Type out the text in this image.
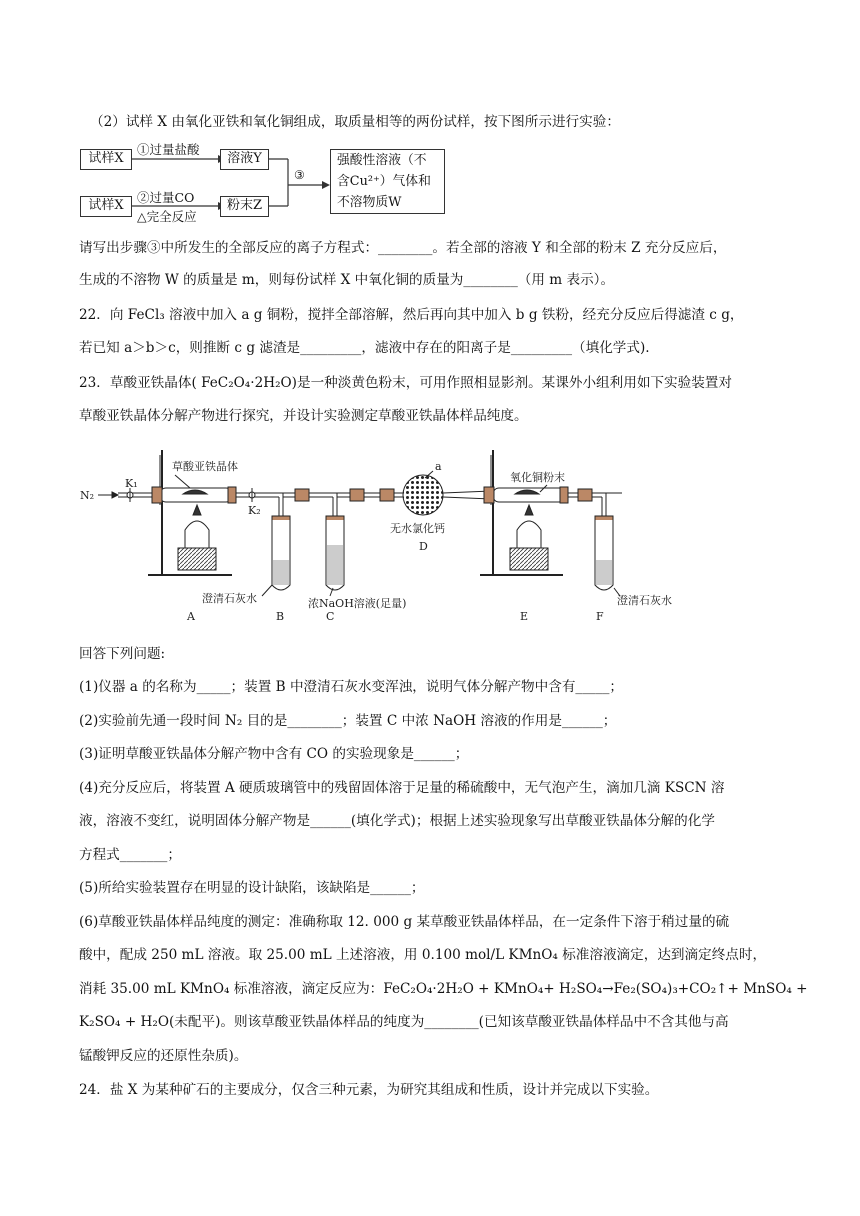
（2）试样 X 由氧化亚铁和氧化铜组成，取质量相等的两份试样，按下图所示进行实验：
试样X
①过量盐酸
溶液Y
试样X
②过量CO
△完全反应
粉末Z
③
强酸性溶液（不
含Cu²⁺）气体和
不溶物质W
请写出步骤③中所发生的全部反应的离子方程式：________。若全部的溶液 Y 和全部的粉末 Z 充分反应后，
生成的不溶物 W 的质量是 m，则每份试样 X 中氧化铜的质量为________（用 m 表示）。
22．向 FeCl₃ 溶液中加入 a g 铜粉，搅拌全部溶解，然后再向其中加入 b g 铁粉，经充分反应后得滤渣 c g，
若已知 a＞b＞c，则推断 c g 滤渣是_________，滤液中存在的阳离子是_________（填化学式).
23．草酸亚铁晶体( FeC₂O₄·2H₂O)是一种淡黄色粉末，可用作照相显影剂。某课外小组利用如下实验装置对
草酸亚铁晶体分解产物进行探究，并设计实验测定草酸亚铁晶体样品纯度。
N₂
K₁
K₂
草酸亚铁晶体	a
氧化铜粉末
无水氯化钙
澄清石灰水	浓NaOH溶液(足量)	澄清石灰水
A	B	C
D
E	F
回答下列问题:
(1)仪器 a 的名称为_____；装置 B 中澄清石灰水变浑浊，说明气体分解产物中含有_____；
(2)实验前先通一段时间 N₂ 目的是________；装置 C 中浓 NaOH 溶液的作用是______；
(3)证明草酸亚铁晶体分解产物中含有 CO 的实验现象是______；
(4)充分反应后，将装置 A 硬质玻璃管中的残留固体溶于足量的稀硫酸中，无气泡产生，滴加几滴 KSCN 溶
液，溶液不变红，说明固体分解产物是______(填化学式)；根据上述实验现象写出草酸亚铁晶体分解的化学
方程式_______；
(5)所给实验装置存在明显的设计缺陷，该缺陷是______；
(6)草酸亚铁晶体样品纯度的测定：准确称取 12. 000 g 某草酸亚铁晶体样品，在一定条件下溶于稍过量的硫
酸中，配成 250 mL 溶液。取 25.00 mL 上述溶液，用 0.100 mol/L KMnO₄ 标准溶液滴定，达到滴定终点时，
消耗 35.00 mL KMnO₄ 标准溶液，滴定反应为：FeC₂O₄·2H₂O + KMnO₄+ H₂SO₄→Fe₂(SO₄)₃+CO₂↑+ MnSO₄ +
K₂SO₄ + H₂O(未配平)。则该草酸亚铁晶体样品的纯度为________(已知该草酸亚铁晶体样品中不含其他与高
锰酸钾反应的还原性杂质)。
24．盐 X 为某种矿石的主要成分，仅含三种元素，为研究其组成和性质，设计并完成以下实验。
